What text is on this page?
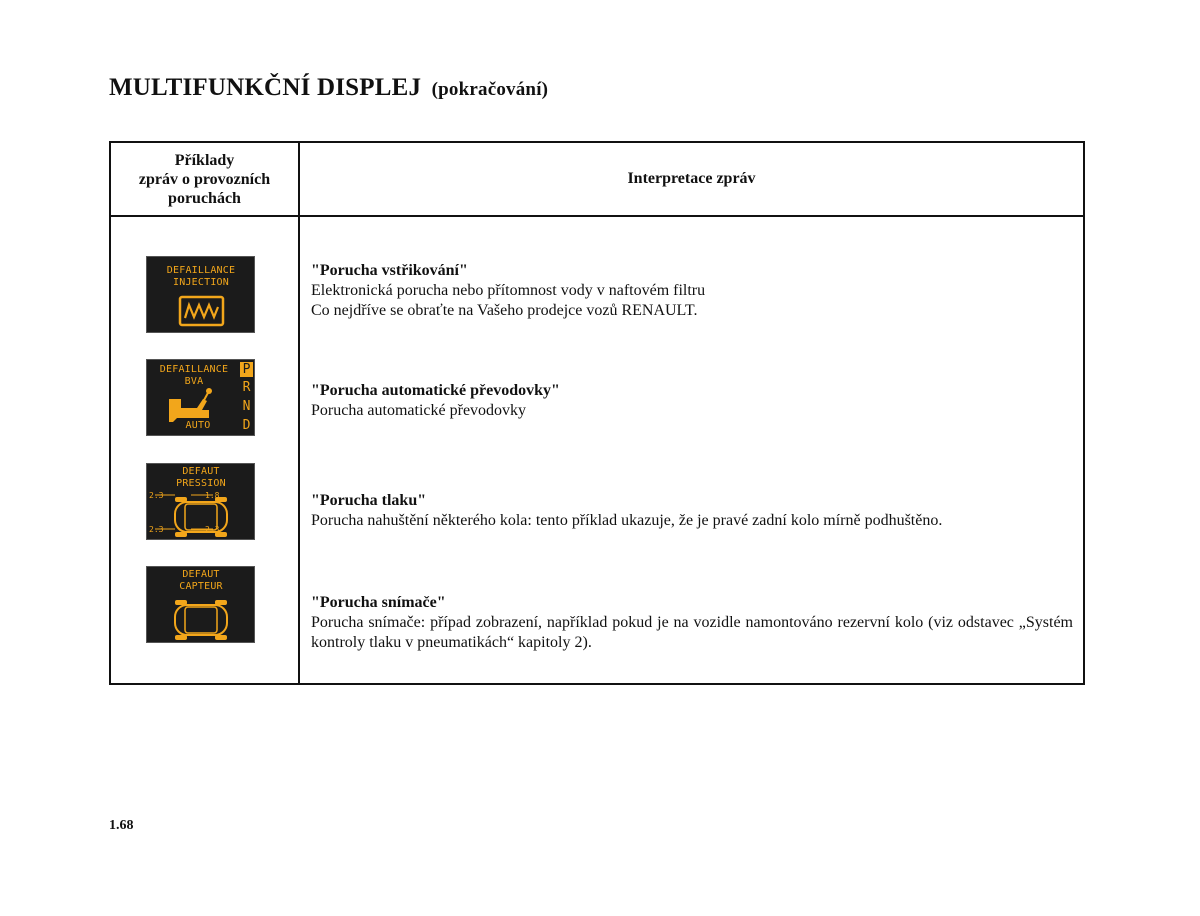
MULTIFUNKČNÍ DISPLEJ (pokračování)
Příklady
zpráv o provozních
poruchách
Interpretace zpráv
DEFAILLANCE
INJECTION
"Porucha vstřikování"
Elektronická porucha nebo přítomnost vody v naftovém filtru
Co nejdříve se obraťte na Vašeho prodejce vozů RENAULT.
DEFAILLANCE
BVA
AUTO
P
R
N
D
"Porucha automatické převodovky"
Porucha automatické převodovky
DEFAUT
PRESSION
2.3	1.8
2.3	2.3
"Porucha tlaku"
Porucha nahuštění některého kola: tento příklad ukazuje, že je pravé zadní kolo mírně podhuštěno.
DEFAUT
CAPTEUR
"Porucha snímače"
Porucha snímače: případ zobrazení, například pokud je na vozidle namontováno rezervní kolo (viz odstavec „Systém kontroly tlaku v pneumatikách“ kapitoly 2).
1.68
